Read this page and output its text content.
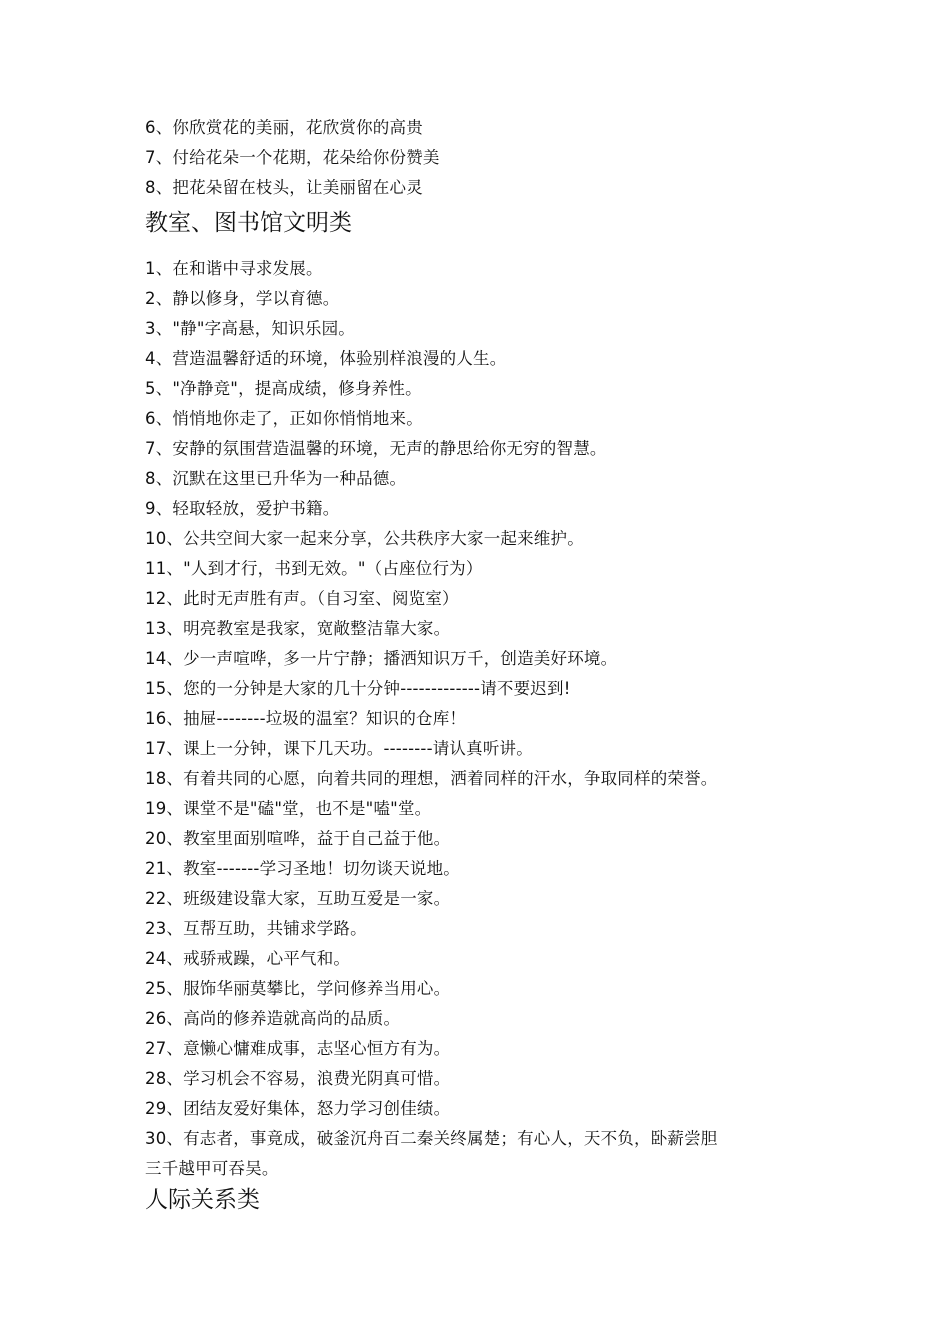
6、你欣赏花的美丽，花欣赏你的高贵
7、付给花朵一个花期，花朵给你份赞美
8、把花朵留在枝头，让美丽留在心灵
教室、图书馆文明类
1、在和谐中寻求发展。
2、静以修身，学以育德。
3、"静"字高悬，知识乐园。
4、营造温馨舒适的环境，体验别样浪漫的人生。
5、"净静竞"，提高成绩，修身养性。
6、悄悄地你走了，正如你悄悄地来。
7、安静的氛围营造温馨的环境，无声的静思给你无穷的智慧。
8、沉默在这里已升华为一种品德。
9、轻取轻放，爱护书籍。
10、公共空间大家一起来分享，公共秩序大家一起来维护。
11、"人到才行，书到无效。"（占座位行为）
12、此时无声胜有声。（自习室、阅览室）
13、明亮教室是我家，宽敞整洁靠大家。
14、少一声喧哗，多一片宁静；播洒知识万千，创造美好环境。
15、您的一分钟是大家的几十分钟-------------请不要迟到!
16、抽屉--------垃圾的温室？知识的仓库！
17、课上一分钟，课下几天功。--------请认真听讲。
18、有着共同的心愿，向着共同的理想，洒着同样的汗水，争取同样的荣誉。
19、课堂不是"磕"堂，也不是"嗑"堂。
20、教室里面别喧哗，益于自己益于他。
21、教室-------学习圣地！切勿谈天说地。
22、班级建设靠大家，互助互爱是一家。
23、互帮互助，共铺求学路。
24、戒骄戒躁，心平气和。
25、服饰华丽莫攀比，学问修养当用心。
26、高尚的修养造就高尚的品质。
27、意懒心慵难成事，志坚心恒方有为。
28、学习机会不容易，浪费光阴真可惜。
29、团结友爱好集体，怒力学习创佳绩。
30、有志者，事竟成，破釜沉舟百二秦关终属楚；有心人，天不负，卧薪尝胆
三千越甲可吞吴。
人际关系类
